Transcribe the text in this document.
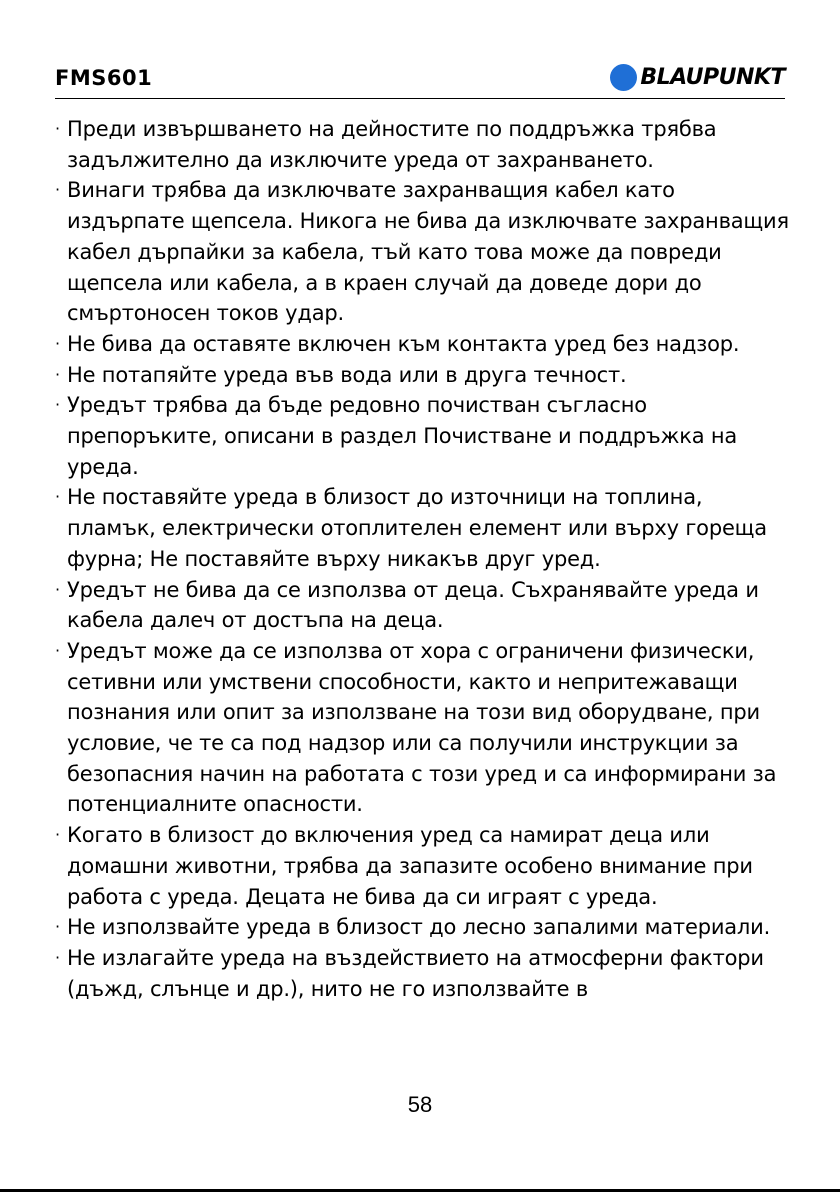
FMS601	BLAUPUNKT
· Преди извършването на дейностите по поддръжка трябва задължително да изключите уреда от захранването.
· Винаги трябва да изключвате захранващия кабел като издърпате щепсела. Никога не бива да изключвате захранващия кабел дърпайки за кабела, тъй като това може да повреди щепсела или кабела, а в краен случай да доведе дори до смъртоносен токов удар.
· Не бива да оставяте включен към контакта уред без надзор.
· Не потапяйте уреда във вода или в друга течност.
· Уредът трябва да бъде редовно почистван съгласно препоръките, описани в раздел Почистване и поддръжка на уреда.
· Не поставяйте уреда в близост до източници на топлина, пламък, електрически отоплителен елемент или върху гореща фурна; Не поставяйте върху никакъв друг уред.
· Уредът не бива да се използва от деца. Съхранявайте уреда и кабела далеч от достъпа на деца.
· Уредът може да се използва от хора с ограничени физически, сетивни или умствени способности, както и непритежаващи познания или опит за използване на този вид оборудване, при условие, че те са под надзор или са получили инструкции за безопасния начин на работата с този уред и са информирани за потенциалните опасности.
· Когато в близост до включения уред са намират деца или домашни животни, трябва да запазите особено внимание при работа с уреда. Децата не бива да си играят с уреда.
· Не използвайте уреда в близост до лесно запалими материали.
· Не излагайте уреда на въздействието на атмосферни фактори (дъжд, слънце и др.), нито не го използвайте в
58
